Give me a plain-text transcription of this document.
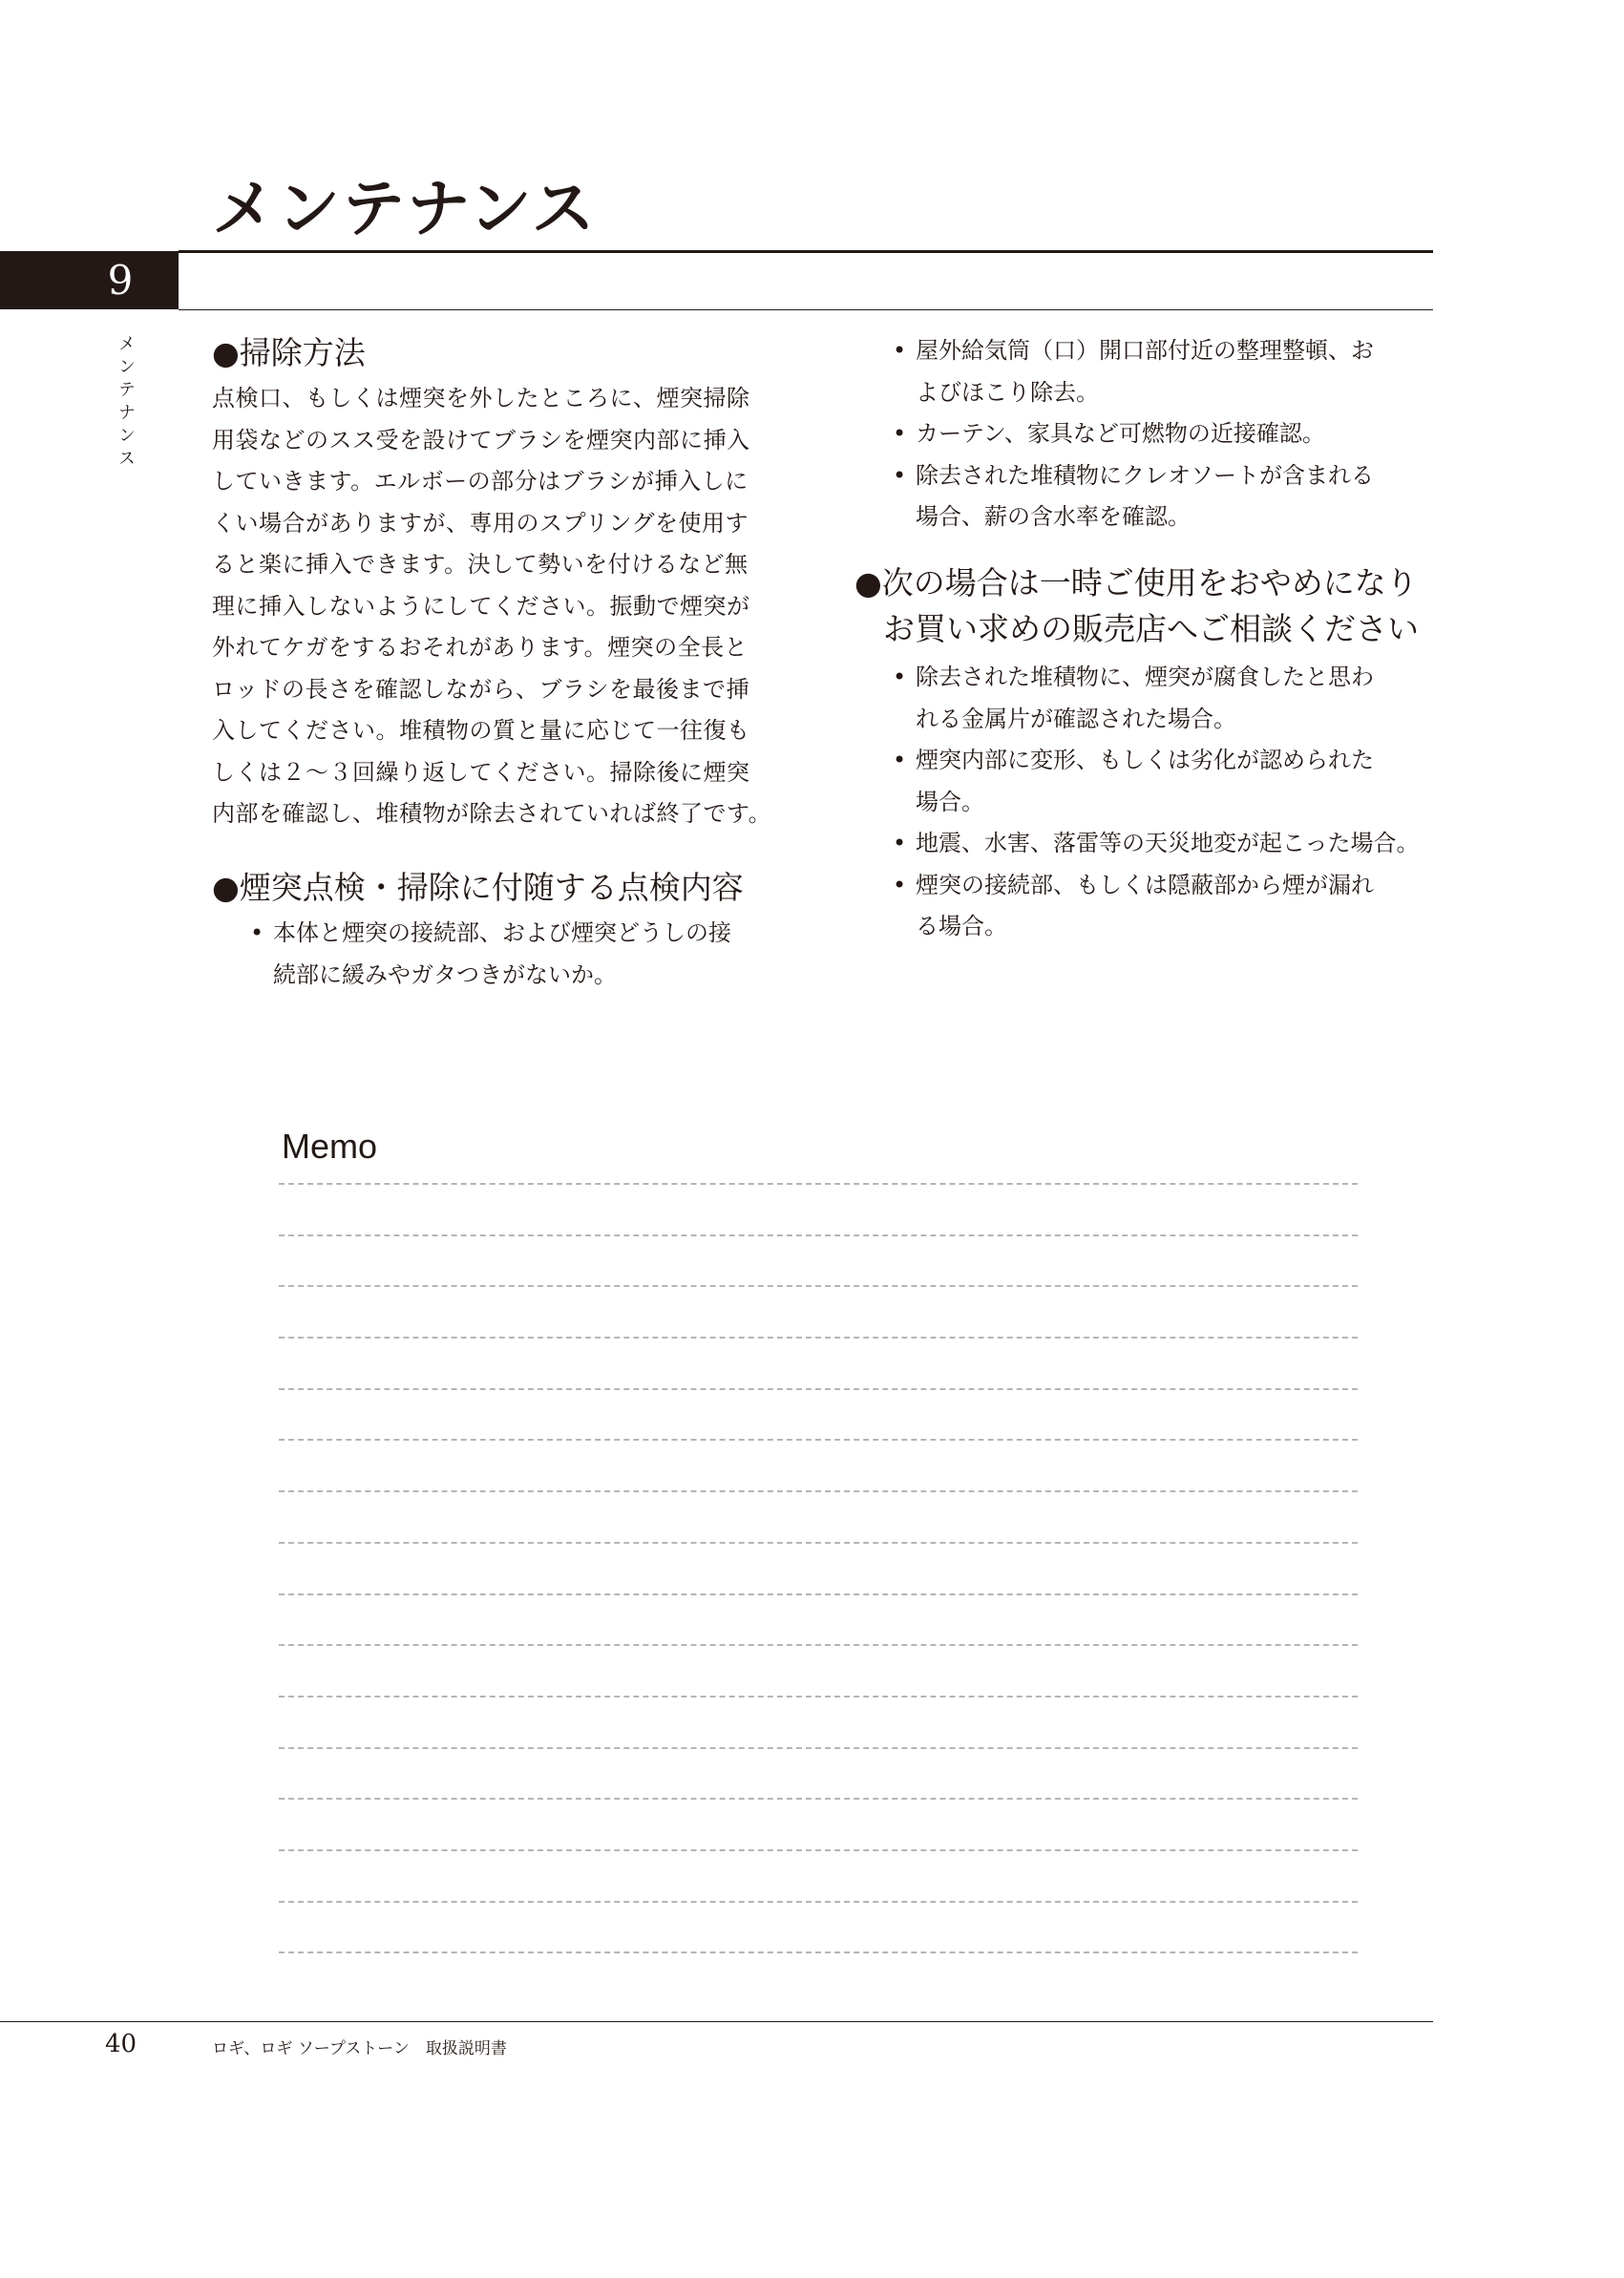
メンテナンス
9
メンテナンス ●掃除方法
点検口、もしくは煙突を外したところに、煙突掃除
用袋などのスス受を設けてブラシを煙突内部に挿入
していきます。エルボーの部分はブラシが挿入しに
くい場合がありますが、専用のスプリングを使用す
ると楽に挿入できます。決して勢いを付けるなど無
理に挿入しないようにしてください。振動で煙突が
外れてケガをするおそれがあります。煙突の全長と
ロッドの長さを確認しながら、ブラシを最後まで挿
入してください。堆積物の質と量に応じて一往復も
しくは２～３回繰り返してください。掃除後に煙突
内部を確認し、堆積物が除去されていれば終了です。
●煙突点検・掃除に付随する点検内容
• 本体と煙突の接続部、および煙突どうしの接
続部に緩みやガタつきがないか。
• 屋外給気筒（口）開口部付近の整理整頓、お
よびほこり除去。
• カーテン、家具など可燃物の近接確認。
• 除去された堆積物にクレオソートが含まれる
場合、薪の含水率を確認。
●次の場合は一時ご使用をおやめになり
お買い求めの販売店へご相談ください
• 除去された堆積物に、煙突が腐食したと思わ
れる金属片が確認された場合。
• 煙突内部に変形、もしくは劣化が認められた
場合。
• 地震、水害、落雷等の天災地変が起こった場合。
• 煙突の接続部、もしくは隠蔽部から煙が漏れ
る場合。
Memo
40	ロギ、ロギ ソープストーン　取扱説明書
